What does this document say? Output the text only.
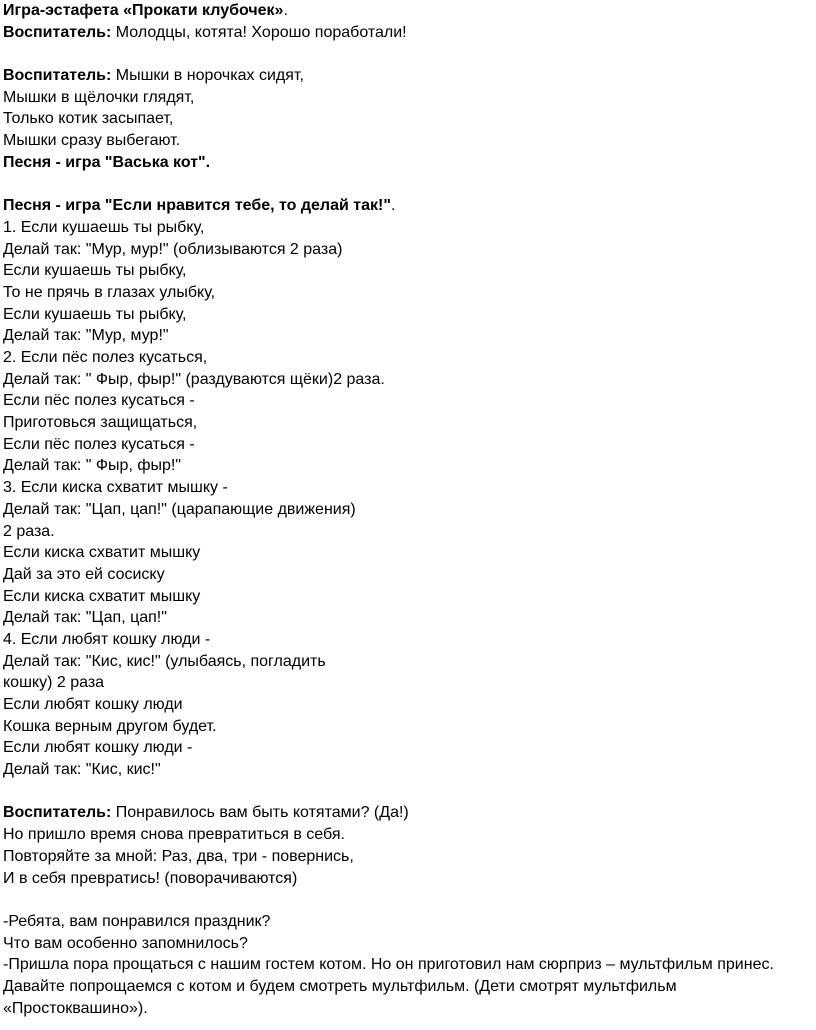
Игра-эстафета «Прокати клубочек».
Воспитатель: Молодцы, котята! Хорошо поработали!
Воспитатель: Мышки в норочках сидят,
Мышки в щёлочки глядят,
Только котик засыпает,
Мышки сразу выбегают.
Песня - игра "Васька кот".
Песня - игра "Если нравится тебе, то делай так!".
1. Если кушаешь ты рыбку,
Делай так: "Мур, мур!" (облизываются 2 раза)
Если кушаешь ты рыбку,
То не прячь в глазах улыбку,
Если кушаешь ты рыбку,
Делай так: "Мур, мур!"
2. Если пёс полез кусаться,
Делай так: " Фыр, фыр!" (раздуваются щёки)2 раза.
Если пёс полез кусаться -
Приготовься защищаться,
Если пёс полез кусаться -
Делай так: " Фыр, фыр!"
3. Если киска схватит мышку -
Делай так: "Цап, цап!" (царапающие движения)
2 раза.
Если киска схватит мышку
Дай за это ей сосиску
Если киска схватит мышку
Делай так: "Цап, цап!"
4. Если любят кошку люди -
Делай так: "Кис, кис!" (улыбаясь, погладить
кошку) 2 раза
Если любят кошку люди
Кошка верным другом будет.
Если любят кошку люди -
Делай так: "Кис, кис!"
Воспитатель: Понравилось вам быть котятами? (Да!)
Но пришло время снова превратиться в себя.
Повторяйте за мной: Раз, два, три - повернись,
И в себя превратись! (поворачиваются)
-Ребята, вам понравился праздник?
Что вам особенно запомнилось?
-Пришла пора прощаться с нашим гостем котом. Но он приготовил нам сюрприз – мультфильм принес. Давайте попрощаемся с котом и будем смотреть мультфильм. (Дети смотрят мультфильм «Простоквашино»).
